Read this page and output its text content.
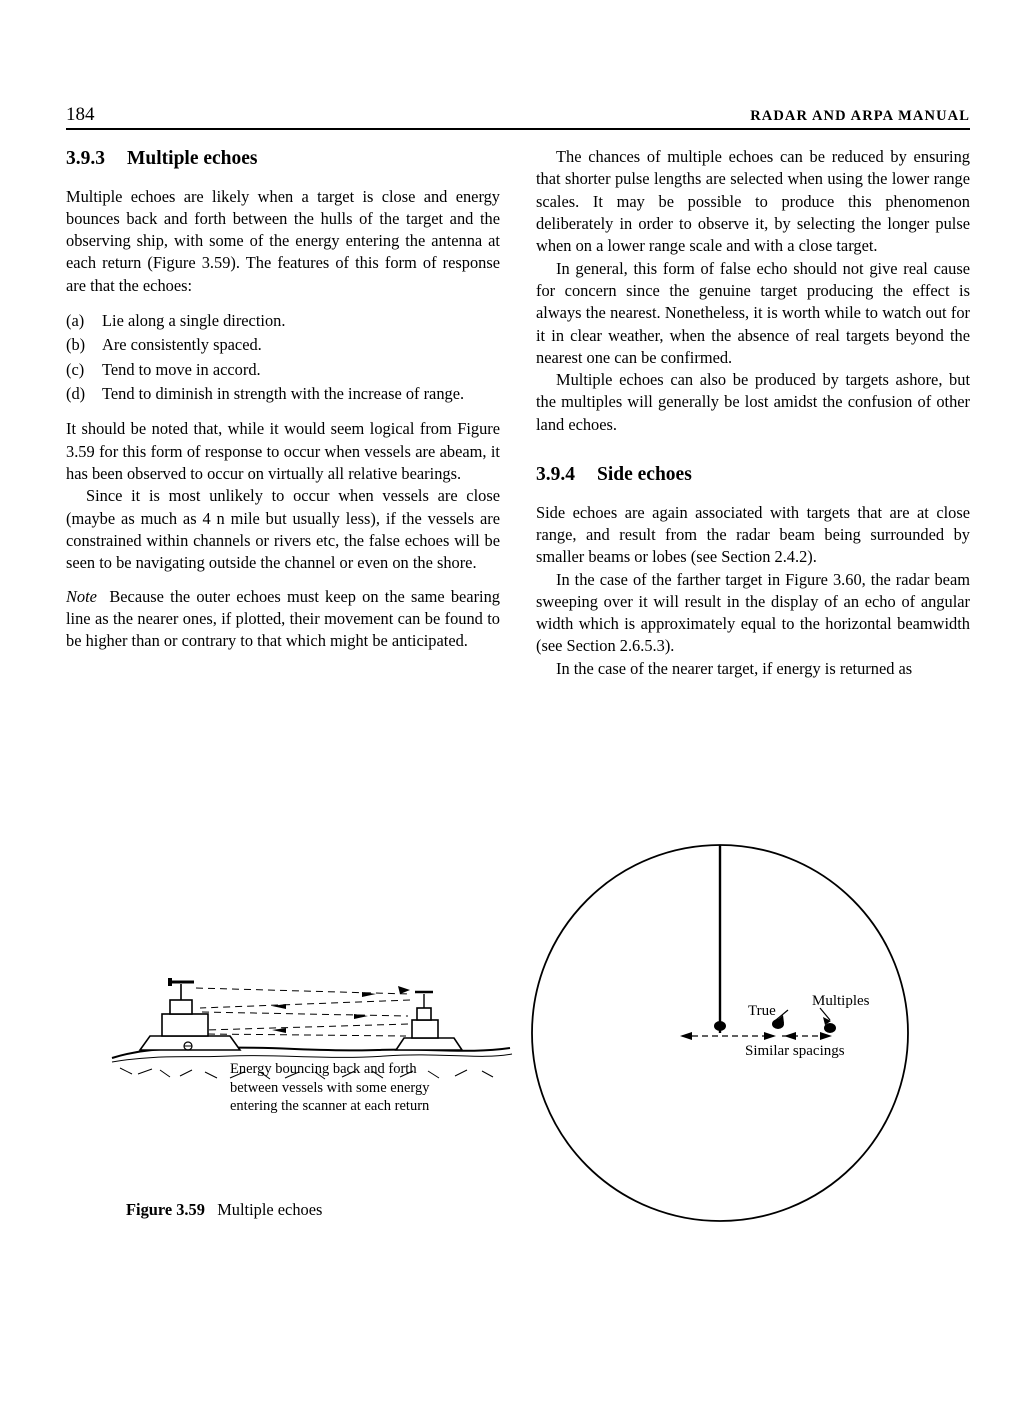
184	RADAR AND ARPA MANUAL
3.9.3 Multiple echoes

Multiple echoes are likely when a target is close and energy bounces back and forth between the hulls of the target and the observing ship, with some of the energy entering the antenna at each return (Figure 3.59). The features of this form of response are that the echoes:

(a)	Lie along a single direction.
(b)	Are consistently spaced.
(c)	Tend to move in accord.
(d)	Tend to diminish in strength with the increase of range.

It should be noted that, while it would seem logical from Figure 3.59 for this form of response to occur when vessels are abeam, it has been observed to occur on virtually all relative bearings.

Since it is most unlikely to occur when vessels are close (maybe as much as 4 n mile but usually less), if the vessels are constrained within channels or rivers etc, the false echoes will be seen to be navigating outside the channel or even on the shore.

Note Because the outer echoes must keep on the same bearing line as the nearer ones, if plotted, their movement can be found to be higher than or contrary to that which might be anticipated.

The chances of multiple echoes can be reduced by ensuring that shorter pulse lengths are selected when using the lower range scales. It may be possible to produce this phenomenon deliberately in order to observe it, by selecting the longer pulse when on a lower range scale and with a close target.

In general, this form of false echo should not give real cause for concern since the genuine target producing the effect is always the nearest. Nonetheless, it is worth while to watch out for it in clear weather, when the absence of real targets beyond the nearest one can be confirmed.

Multiple echoes can also be produced by targets ashore, but the multiples will generally be lost amidst the confusion of other land echoes.

3.9.4 Side echoes

Side echoes are again associated with targets that are at close range, and result from the radar beam being surrounded by smaller beams or lobes (see Section 2.4.2).

In the case of the farther target in Figure 3.60, the radar beam sweeping over it will result in the display of an echo of angular width which is approximately equal to the horizontal beamwidth (see Section 2.6.5.3).

In the case of the nearer target, if energy is returned as

Energy bouncing back and forth between vessels with some energy entering the scanner at each return
Figure 3.59 Multiple echoes
True
Multiples
Similar spacings
